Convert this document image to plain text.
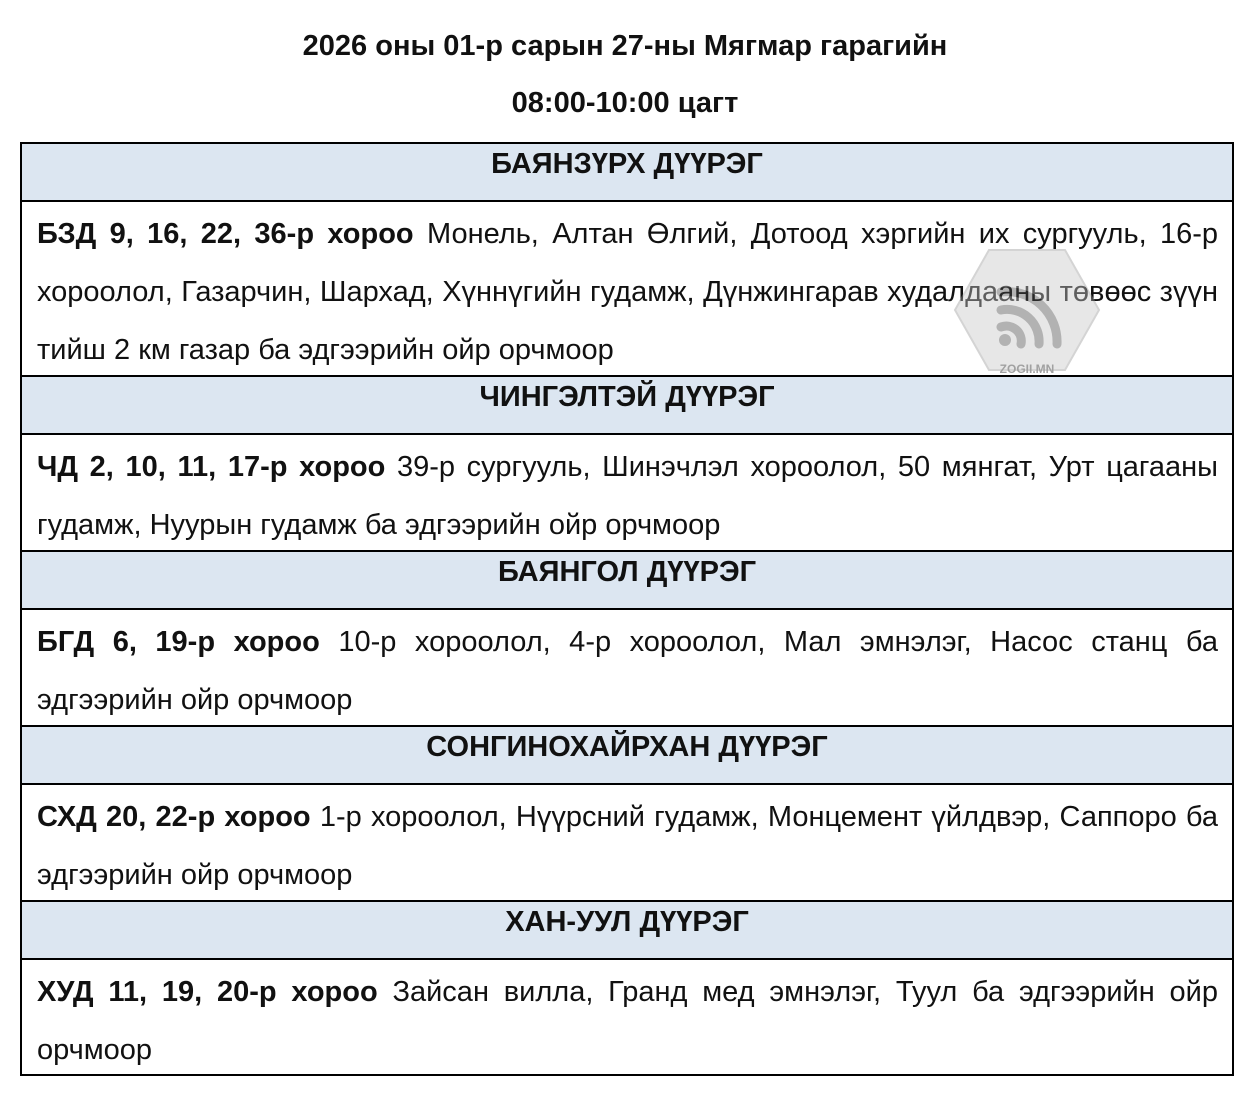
2026 оны 01-р сарын 27-ны Мягмар гарагийн
08:00-10:00 цагт
БАЯНЗҮРХ ДҮҮРЭГ
БЗД 9, 16, 22, 36-р хороо Монель, Алтан Өлгий, Дотоод хэргийн их сургууль, 16-р хороолол, Газарчин, Шархад, Хүннүгийн гудамж, Дүнжингарав худалдааны төвөөс зүүн тийш 2 км газар ба эдгээрийн ойр орчмоор
ЧИНГЭЛТЭЙ ДҮҮРЭГ
ЧД 2, 10, 11, 17-р хороо 39-р сургууль, Шинэчлэл хороолол, 50 мянгат, Урт цагааны гудамж, Нуурын гудамж ба эдгээрийн ойр орчмоор
БАЯНГОЛ ДҮҮРЭГ
БГД 6, 19-р хороо 10-р хороолол, 4-р хороолол, Мал эмнэлэг, Насос станц ба эдгээрийн ойр орчмоор
СОНГИНОХАЙРХАН ДҮҮРЭГ
СХД 20, 22-р хороо 1-р хороолол, Нүүрсний гудамж, Монцемент үйлдвэр, Саппоро ба эдгээрийн ойр орчмоор
ХАН-УУЛ ДҮҮРЭГ
ХУД 11, 19, 20-р хороо Зайсан вилла, Гранд мед эмнэлэг, Туул ба эдгээрийн ойр орчмоор
ZOGII.MN
